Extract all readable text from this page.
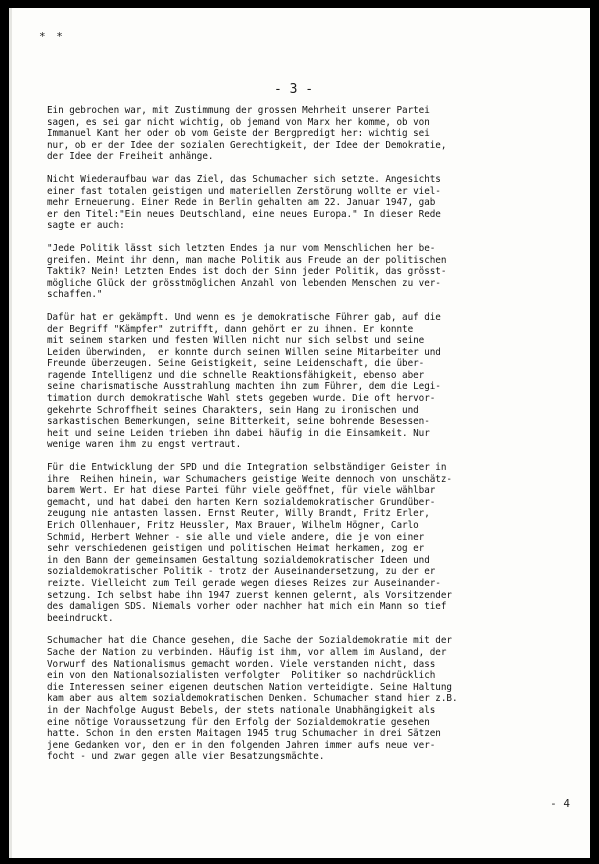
* *
- 3 -
Ein gebrochen war, mit Zustimmung der grossen Mehrheit unserer Partei
sagen, es sei gar nicht wichtig, ob jemand von Marx her komme, ob von
Immanuel Kant her oder ob vom Geiste der Bergpredigt her: wichtig sei
nur, ob er der Idee der sozialen Gerechtigkeit, der Idee der Demokratie,
der Idee der Freiheit anhänge.
Nicht Wiederaufbau war das Ziel, das Schumacher sich setzte. Angesichts
einer fast totalen geistigen und materiellen Zerstörung wollte er viel-
mehr Erneuerung. Einer Rede in Berlin gehalten am 22. Januar 1947, gab
er den Titel:"Ein neues Deutschland, eine neues Europa." In dieser Rede
sagte er auch:
"Jede Politik lässt sich letzten Endes ja nur vom Menschlichen her be-
greifen. Meint ihr denn, man mache Politik aus Freude an der politischen
Taktik? Nein! Letzten Endes ist doch der Sinn jeder Politik, das grösst-
mögliche Glück der grösstmöglichen Anzahl von lebenden Menschen zu ver-
schaffen."
Dafür hat er gekämpft. Und wenn es je demokratische Führer gab, auf die
der Begriff "Kämpfer" zutrifft, dann gehört er zu ihnen. Er konnte
mit seinem starken und festen Willen nicht nur sich selbst und seine
Leiden überwinden,  er konnte durch seinen Willen seine Mitarbeiter und
Freunde überzeugen. Seine Geistigkeit, seine Leidenschaft, die über-
ragende Intelligenz und die schnelle Reaktionsfähigkeit, ebenso aber
seine charismatische Ausstrahlung machten ihn zum Führer, dem die Legi-
timation durch demokratische Wahl stets gegeben wurde. Die oft hervor-
gekehrte Schroffheit seines Charakters, sein Hang zu ironischen und
sarkastischen Bemerkungen, seine Bitterkeit, seine bohrende Besessen-
heit und seine Leiden trieben ihn dabei häufig in die Einsamkeit. Nur
wenige waren ihm zu engst vertraut.
Für die Entwicklung der SPD und die Integration selbständiger Geister in
ihre  Reihen hinein, war Schumachers geistige Weite dennoch von unschätz-
barem Wert. Er hat diese Partei führ viele geöffnet, für viele wählbar
gemacht, und hat dabei den harten Kern sozialdemokratischer Grundüber-
zeugung nie antasten lassen. Ernst Reuter, Willy Brandt, Fritz Erler,
Erich Ollenhauer, Fritz Heussler, Max Brauer, Wilhelm Högner, Carlo
Schmid, Herbert Wehner - sie alle und viele andere, die je von einer
sehr verschiedenen geistigen und politischen Heimat herkamen, zog er
in den Bann der gemeinsamen Gestaltung sozialdemokratischer Ideen und
sozialdemokratischer Politik - trotz der Auseinandersetzung, zu der er
reizte. Vielleicht zum Teil gerade wegen dieses Reizes zur Auseinander-
setzung. Ich selbst habe ihn 1947 zuerst kennen gelernt, als Vorsitzender
des damaligen SDS. Niemals vorher oder nachher hat mich ein Mann so tief
beeindruckt.
Schumacher hat die Chance gesehen, die Sache der Sozialdemokratie mit der
Sache der Nation zu verbinden. Häufig ist ihm, vor allem im Ausland, der
Vorwurf des Nationalismus gemacht worden. Viele verstanden nicht, dass
ein von den Nationalsozialisten verfolgter  Politiker so nachdrücklich
die Interessen seiner eigenen deutschen Nation verteidigte. Seine Haltung
kam aber aus altem sozialdemokratischen Denken. Schumacher stand hier z.B.
in der Nachfolge August Bebels, der stets nationale Unabhängigkeit als
eine nötige Voraussetzung für den Erfolg der Sozialdemokratie gesehen
hatte. Schon in den ersten Maitagen 1945 trug Schumacher in drei Sätzen
jene Gedanken vor, den er in den folgenden Jahren immer aufs neue ver-
focht - und zwar gegen alle vier Besatzungsmächte.
- 4
